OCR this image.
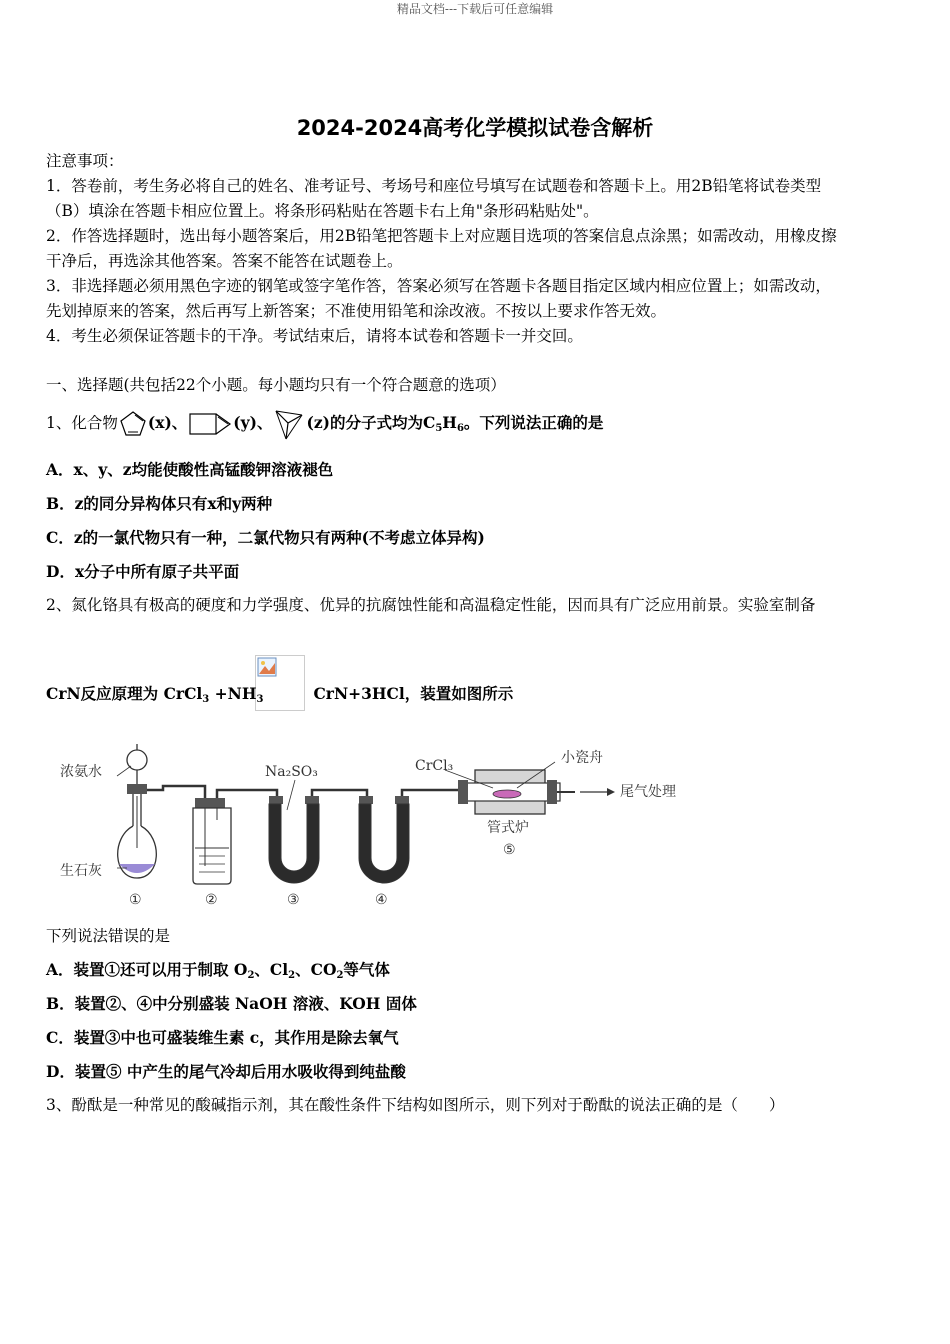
精品文档---下载后可任意编辑
2024-2024高考化学模拟试卷含解析
注意事项：
1．答卷前，考生务必将自己的姓名、准考证号、考场号和座位号填写在试题卷和答题卡上。用2B铅笔将试卷类型
（B）填涂在答题卡相应位置上。将条形码粘贴在答题卡右上角"条形码粘贴处"。
2．作答选择题时，选出每小题答案后，用2B铅笔把答题卡上对应题目选项的答案信息点涂黑；如需改动，用橡皮擦
干净后，再选涂其他答案。答案不能答在试题卷上。
3．非选择题必须用黑色字迹的钢笔或签字笔作答，答案必须写在答题卡各题目指定区域内相应位置上；如需改动，
先划掉原来的答案，然后再写上新答案；不准使用铅笔和涂改液。不按以上要求作答无效。
4．考生必须保证答题卡的干净。考试结束后，请将本试卷和答题卡一并交回。
一、选择题(共包括22个小题。每小题均只有一个符合题意的选项）
1、化合物 (x)、	(y)、 (z)的分子式均为$C_5H_6$。下列说法正确的是
A．x、y、z均能使酸性高锰酸钾溶液褪色
B．z的同分异构体只有x和y两种
C．z的一氯代物只有一种，二氯代物只有两种(不考虑立体异构)
D．x分子中所有原子共平面
2、氮化铬具有极高的硬度和力学强度、优异的抗腐蚀性能和高温稳定性能，因而具有广泛应用前景。实验室制备
CrN反应原理为 CrCl$_3$ $+NH_3$	CrN+3HCl，装置如图所示
浓氨水
生石灰
Na₂SO₃	CrCl₃	小瓷舟
管式炉
尾气处理
①	②	③	④
⑤
下列说法错误的是
A．装置①还可以用于制取 $O_2$、$Cl_2$、$CO_2$等气体
B．装置②、④中分别盛装 NaOH 溶液、KOH 固体
C．装置③中也可盛装维生素 c，其作用是除去氧气
D．装置⑤ 中产生的尾气冷却后用水吸收得到纯盐酸
3、酚酞是一种常见的酸碱指示剂，其在酸性条件下结构如图所示，则下列对于酚酞的说法正确的是（　　）
